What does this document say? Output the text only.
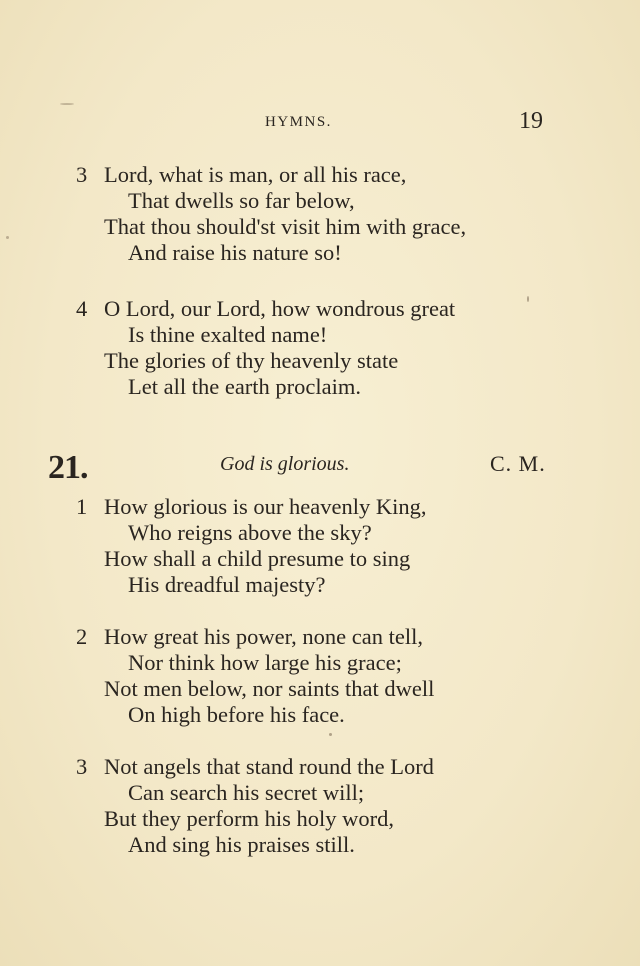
HYMNS.	19
3 Lord, what is man, or all his race,
That dwells so far below,
That thou should'st visit him with grace,
And raise his nature so!
4 O Lord, our Lord, how wondrous great
Is thine exalted name!
The glories of thy heavenly state
Let all the earth proclaim.
21.	God is glorious.	C. M.
1 How glorious is our heavenly King,
Who reigns above the sky?
How shall a child presume to sing
His dreadful majesty?
2 How great his power, none can tell,
Nor think how large his grace;
Not men below, nor saints that dwell
On high before his face.
3 Not angels that stand round the Lord
Can search his secret will;
But they perform his holy word,
And sing his praises still.
